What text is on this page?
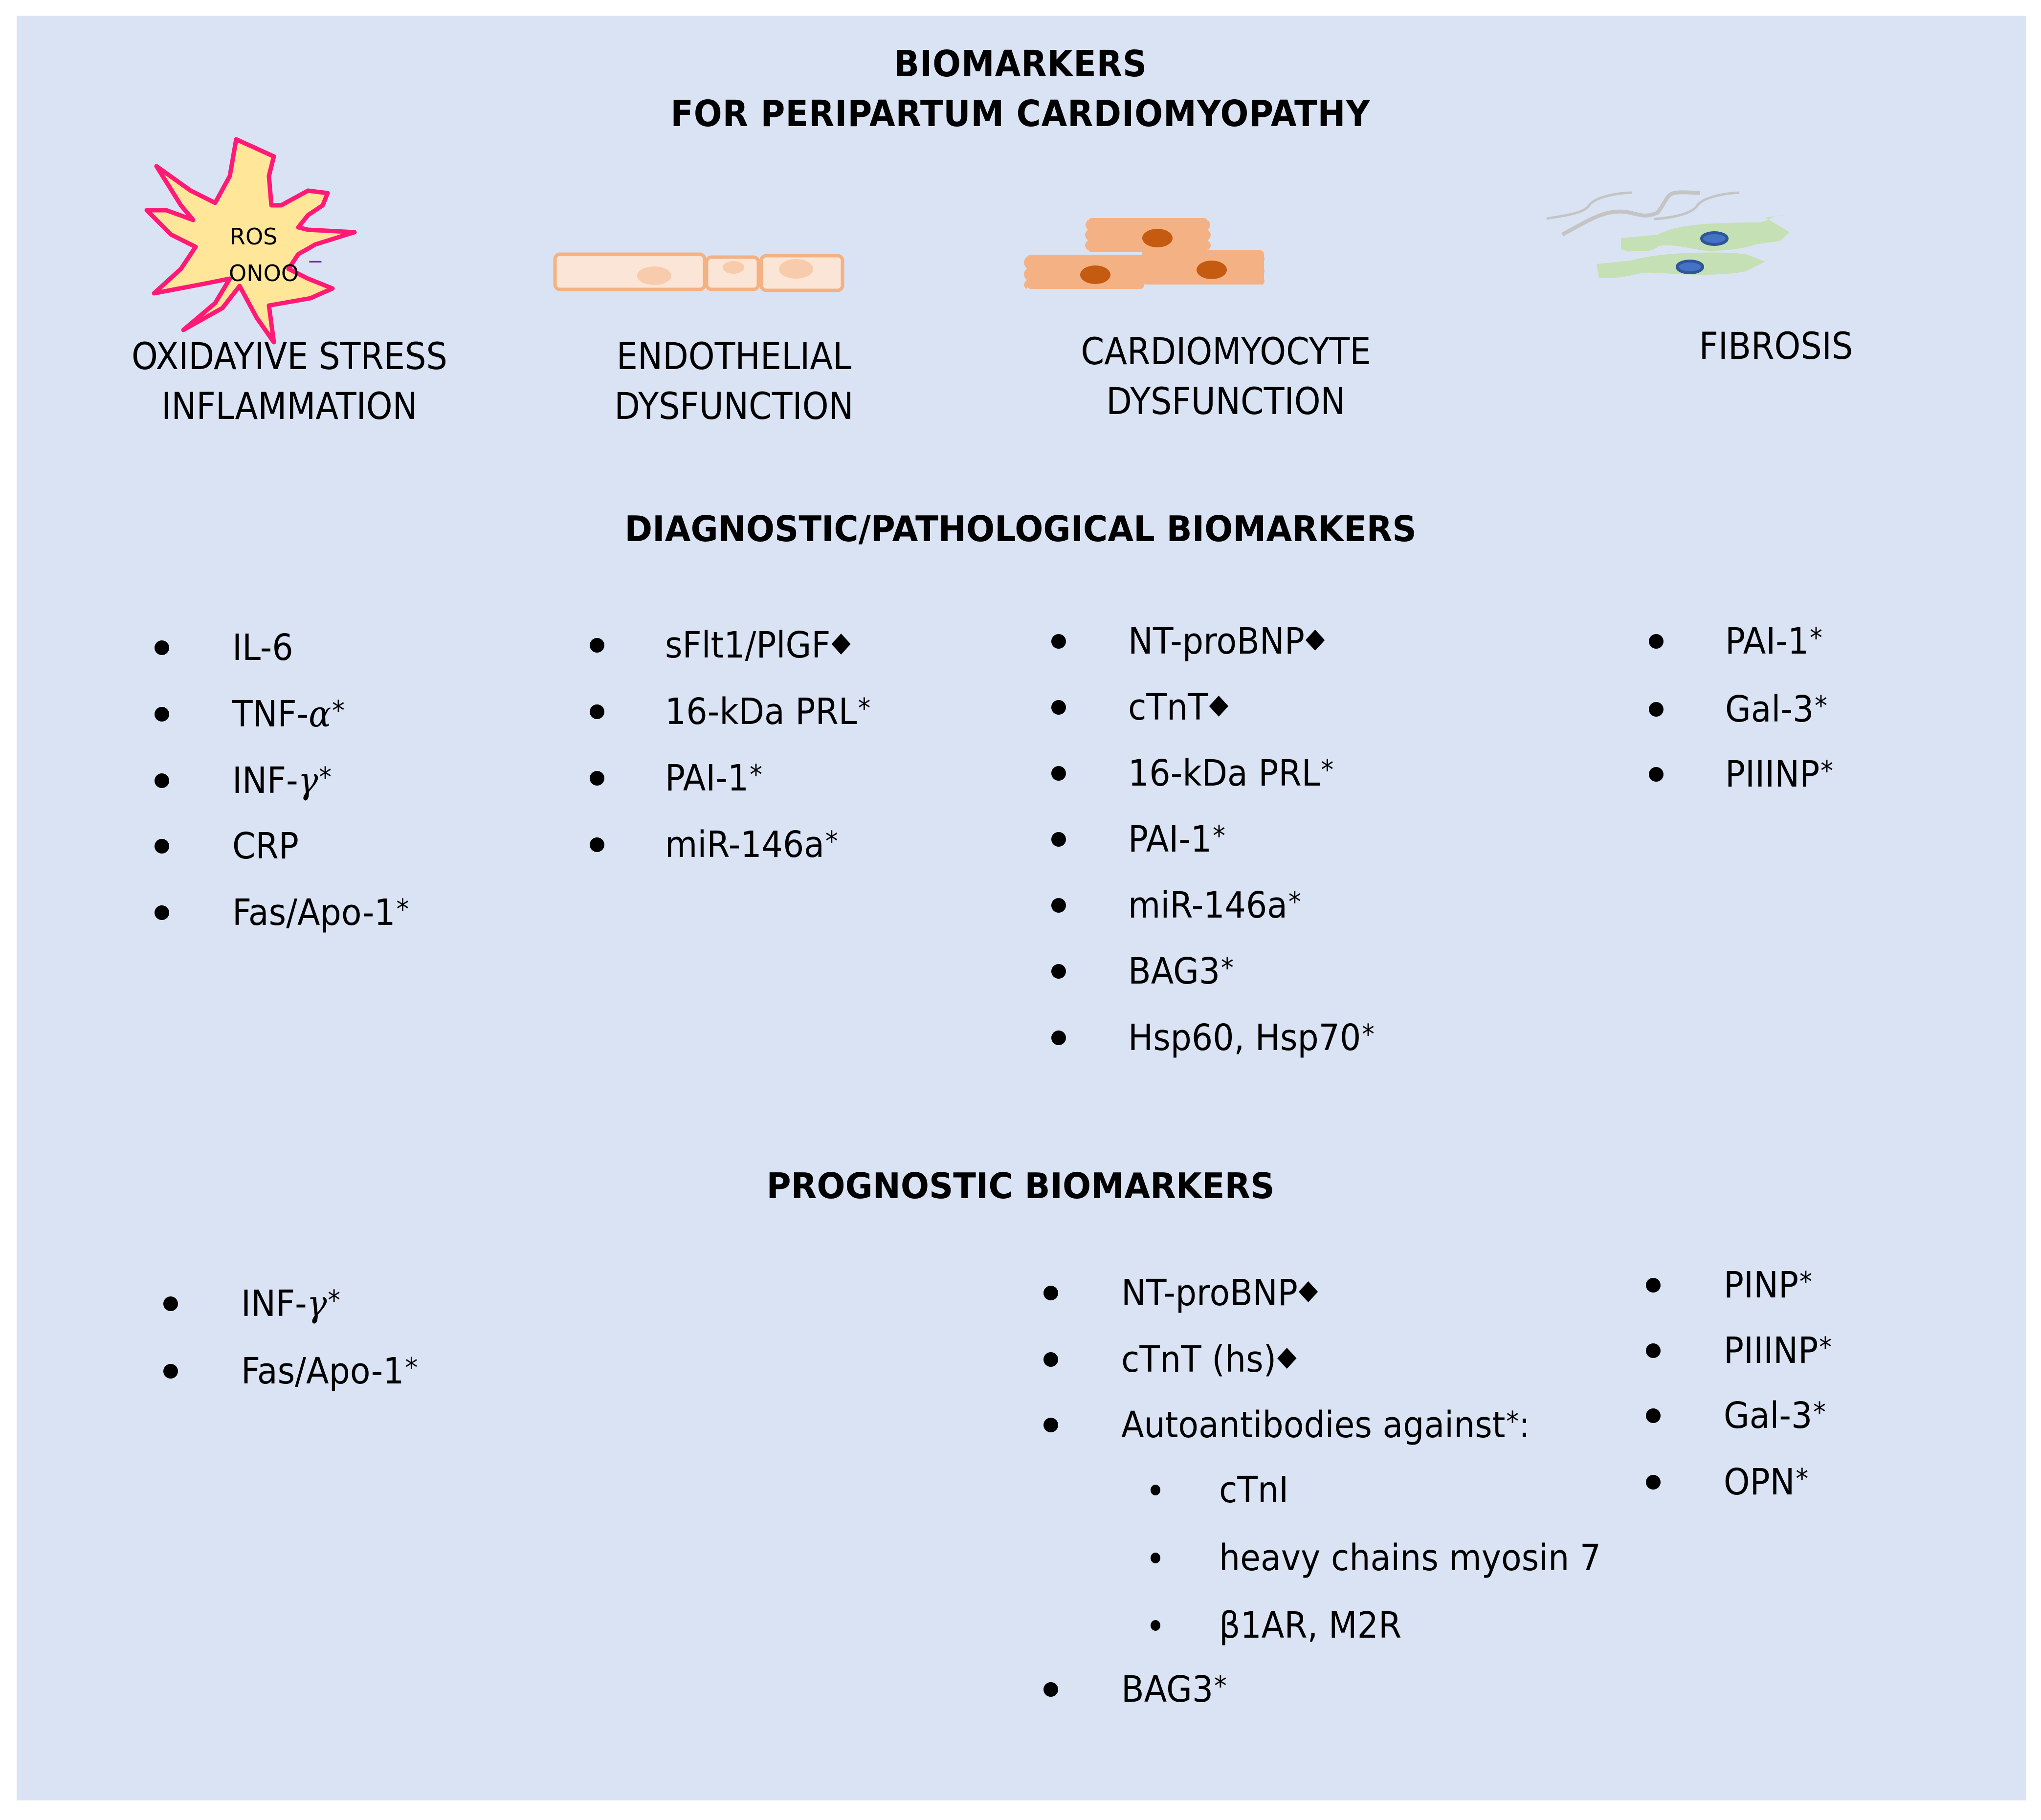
BIOMARKERS
FOR PERIPARTUM CARDIOMYOPATHY
ROS
ONOO −
OXIDAYIVE STRESS
INFLAMMATION
ENDOTHELIAL
DYSFUNCTION
CARDIOMYOCYTE
DYSFUNCTION
FIBROSIS
DIAGNOSTIC/PATHOLOGICAL BIOMARKERS
IL-6
TNF-α*
INF-γ*
CRP
Fas/Apo-1*
sFlt1/PlGF◆
16-kDa PRL*
PAI-1*
miR-146a*
NT-proBNP◆
cTnT◆
16-kDa PRL*
PAI-1*
miR-146a*
BAG3*
Hsp60, Hsp70*
PAI-1*
Gal-3*
PIIINP*
PROGNOSTIC BIOMARKERS
INF-γ*
Fas/Apo-1*
NT-proBNP◆
cTnT (hs)◆
Autoantibodies against*:
cTnI
heavy chains myosin 7
β1AR, M2R
BAG3*
PINP*
PIIINP*
Gal-3*
OPN*
